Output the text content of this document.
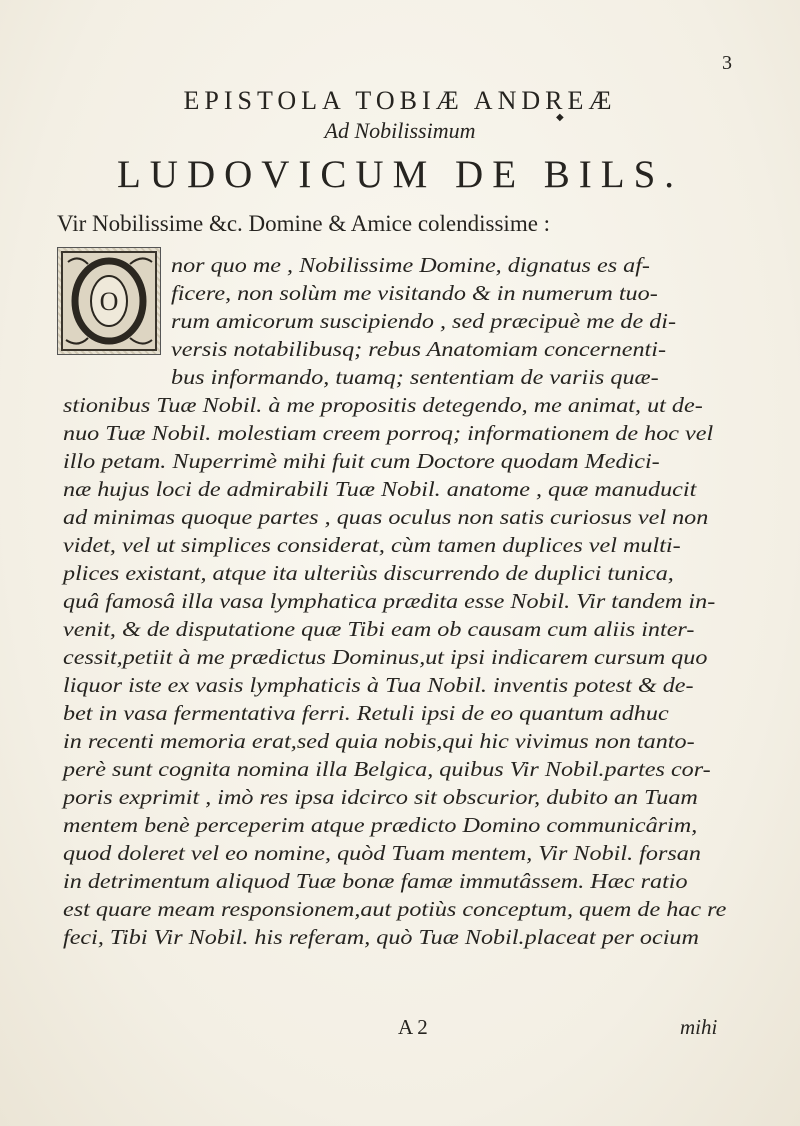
3
EPISTOLA TOBIÆ ANDREÆ
◆
Ad Nobilissimum
LUDOVICUM DE BILS.
Vir Nobilissime &c. Domine & Amice colendissime :
O
nor quo me , Nobilissime Domine, dignatus es af-
ficere, non solùm me visitando & in numerum tuo-
rum amicorum suscipiendo , sed præcipuè me de di-
versis notabilibusq; rebus Anatomiam concernenti-
bus informando, tuamq; sententiam de variis quæ-
stionibus Tuæ Nobil. à me propositis detegendo, me animat, ut de-
nuo Tuæ Nobil. molestiam creem porroq; informationem de hoc vel
illo petam. Nuperrimè mihi fuit cum Doctore quodam Medici-
næ hujus loci de admirabili Tuæ Nobil. anatome , quæ manuducit
ad minimas quoque partes , quas oculus non satis curiosus vel non
videt, vel ut simplices considerat, cùm tamen duplices vel multi-
plices existant, atque ita ulteriùs discurrendo de duplici tunica,
quâ famosâ illa vasa lymphatica prædita esse Nobil. Vir tandem in-
venit, & de disputatione quæ Tibi eam ob causam cum aliis inter-
cessit,petiit à me prædictus Dominus,ut ipsi indicarem cursum quo
liquor iste ex vasis lymphaticis à Tua Nobil. inventis potest & de-
bet in vasa fermentativa ferri. Retuli ipsi de eo quantum adhuc
in recenti memoria erat,sed quia nobis,qui hic vivimus non tanto-
perè sunt cognita nomina illa Belgica, quibus Vir Nobil.partes cor-
poris exprimit , imò res ipsa idcirco sit obscurior, dubito an Tuam
mentem benè perceperim atque prædicto Domino communicârim,
quod doleret vel eo nomine, quòd Tuam mentem, Vir Nobil. forsan
in detrimentum aliquod Tuæ bonæ famæ immutâssem. Hæc ratio
est quare meam responsionem,aut potiùs conceptum, quem de hac re
feci, Tibi Vir Nobil. his referam, quò Tuæ Nobil.placeat per ocium
A 2	mihi
